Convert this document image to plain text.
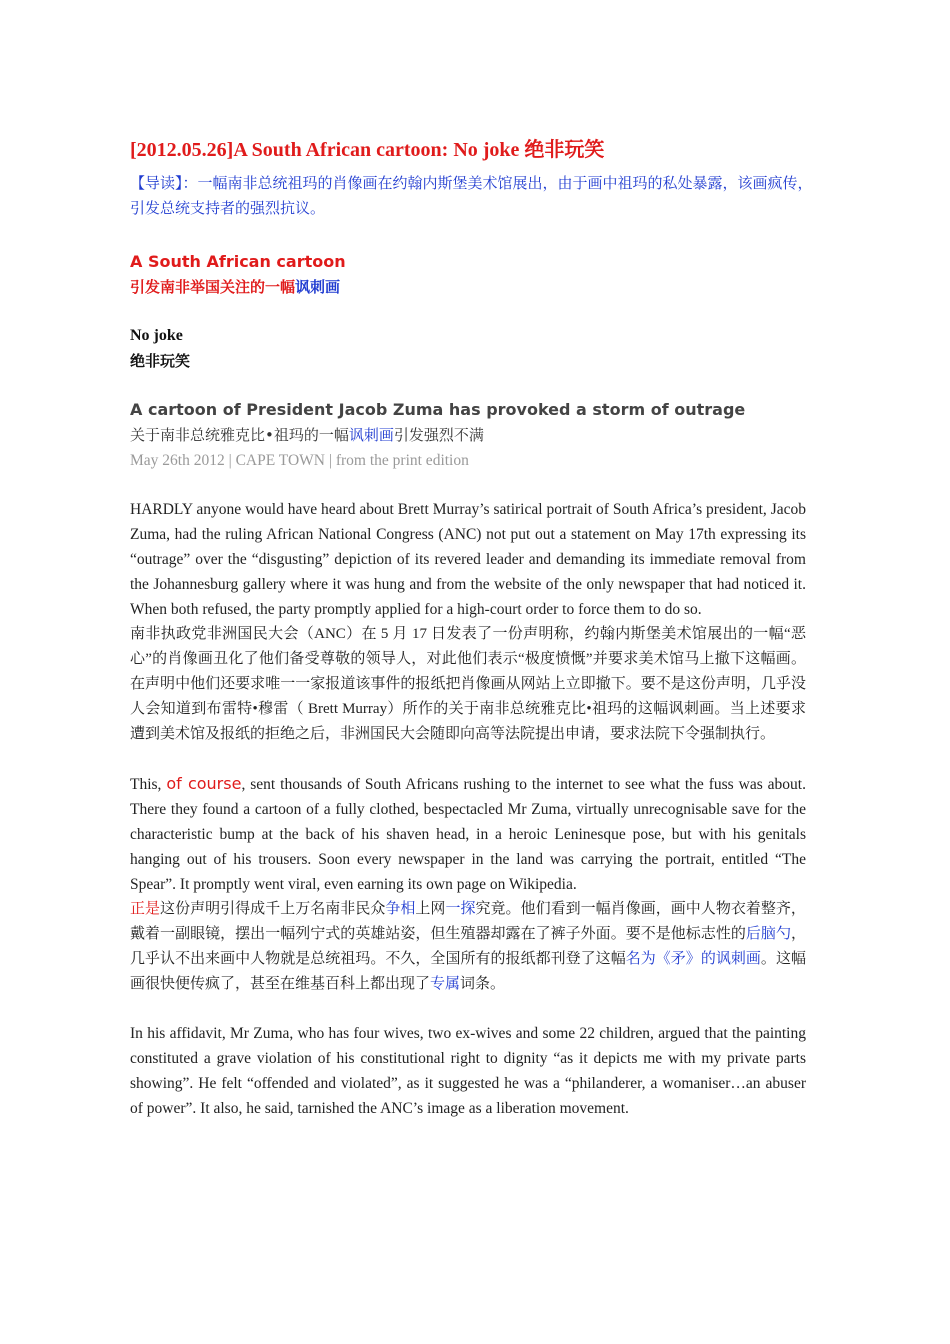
[2012.05.26]A South African cartoon: No joke 绝非玩笑

【导读】：一幅南非总统祖玛的肖像画在约翰内斯堡美术馆展出，由于画中祖玛的私处暴露，该画疯传，引发总统支持者的强烈抗议。

A South African cartoon
引发南非举国关注的一幅讽刺画
No joke
绝非玩笑
A cartoon of President Jacob Zuma has provoked a storm of outrage
关于南非总统雅克比•祖玛的一幅讽刺画引发强烈不满
May 26th 2012 | CAPE TOWN | from the print edition

HARDLY anyone would have heard about Brett Murray’s satirical portrait of South Africa’s president, Jacob Zuma, had the ruling African National Congress (ANC) not put out a statement on May 17th expressing its “outrage” over the “disgusting” depiction of its revered leader and demanding its immediate removal from the Johannesburg gallery where it was hung and from the website of the only newspaper that had noticed it. When both refused, the party promptly applied for a high-court order to force them to do so.

南非执政党非洲国民大会（ANC）在 5 月 17 日发表了一份声明称，约翰内斯堡美术馆展出的一幅“恶心”的肖像画丑化了他们备受尊敬的领导人，对此他们表示“极度愤慨”并要求美术馆马上撤下这幅画。在声明中他们还要求唯一一家报道该事件的报纸把肖像画从网站上立即撤下。要不是这份声明，几乎没人会知道到布雷特•穆雷（ Brett Murray）所作的关于南非总统雅克比•祖玛的这幅讽刺画。当上述要求遭到美术馆及报纸的拒绝之后，非洲国民大会随即向高等法院提出申请，要求法院下令强制执行。

This, of course, sent thousands of South Africans rushing to the internet to see what the fuss was about. There they found a cartoon of a fully clothed, bespectacled Mr Zuma, virtually unrecognisable save for the characteristic bump at the back of his shaven head, in a heroic Leninesque pose, but with his genitals hanging out of his trousers. Soon every newspaper in the land was carrying the portrait, entitled “The Spear”. It promptly went viral, even earning its own page on Wikipedia.

正是这份声明引得成千上万名南非民众争相上网一探究竟。他们看到一幅肖像画，画中人物衣着整齐，戴着一副眼镜，摆出一幅列宁式的英雄站姿，但生殖器却露在了裤子外面。要不是他标志性的后脑勺，几乎认不出来画中人物就是总统祖玛。不久，全国所有的报纸都刊登了这幅名为《矛》的讽刺画。这幅画很快便传疯了，甚至在维基百科上都出现了专属词条。

In his affidavit, Mr Zuma, who has four wives, two ex-wives and some 22 children, argued that the painting constituted a grave violation of his constitutional right to dignity “as it depicts me with my private parts showing”. He felt “offended and violated”, as it suggested he was a “philanderer, a womaniser…an abuser of power”. It also, he said, tarnished the ANC’s image as a liberation movement.
